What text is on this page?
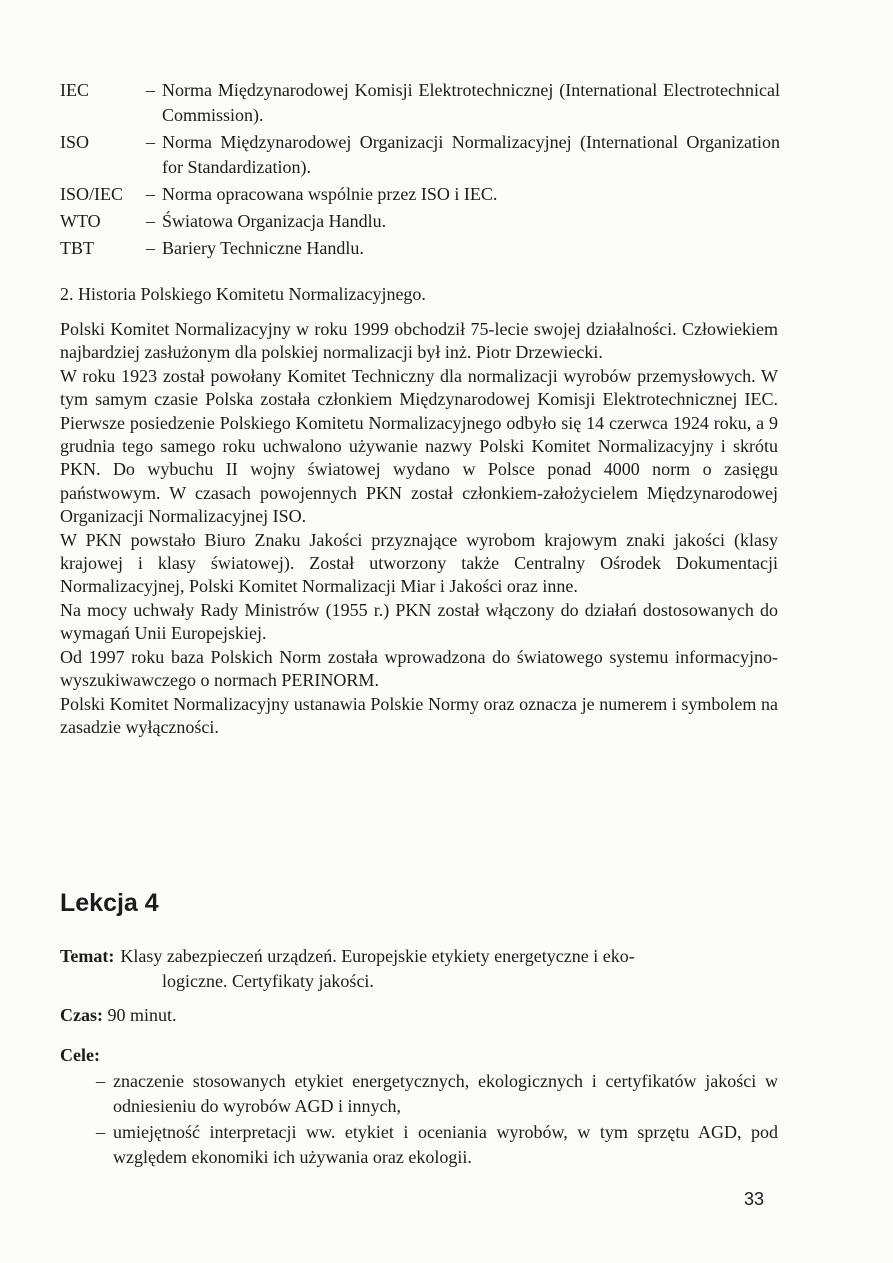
IEC	– Norma Międzynarodowej Komisji Elektrotechnicznej (International Electrotechnical Commission).
ISO	– Norma Międzynarodowej Organizacji Normalizacyjnej (International Organization for Standardization).
ISO/IEC	– Norma opracowana wspólnie przez ISO i IEC.
WTO	– Światowa Organizacja Handlu.
TBT	– Bariery Techniczne Handlu.
2. Historia Polskiego Komitetu Normalizacyjnego.

Polski Komitet Normalizacyjny w roku 1999 obchodził 75-lecie swojej działalności. Człowiekiem najbardziej zasłużonym dla polskiej normalizacji był inż. Piotr Drzewiecki.

W roku 1923 został powołany Komitet Techniczny dla normalizacji wyrobów przemysłowych. W tym samym czasie Polska została członkiem Międzynarodowej Komisji Elektrotechnicznej IEC. Pierwsze posiedzenie Polskiego Komitetu Normalizacyjnego odbyło się 14 czerwca 1924 roku, a 9 grudnia tego samego roku uchwalono używanie nazwy Polski Komitet Normalizacyjny i skrótu PKN. Do wybuchu II wojny światowej wydano w Polsce ponad 4000 norm o zasięgu państwowym. W czasach powojennych PKN został członkiem-założycielem Międzynarodowej Organizacji Normalizacyjnej ISO.

W PKN powstało Biuro Znaku Jakości przyznające wyrobom krajowym znaki jakości (klasy krajowej i klasy światowej). Został utworzony także Centralny Ośrodek Dokumentacji Normalizacyjnej, Polski Komitet Normalizacji Miar i Jakości oraz inne.

Na mocy uchwały Rady Ministrów (1955 r.) PKN został włączony do działań dostosowanych do wymagań Unii Europejskiej.

Od 1997 roku baza Polskich Norm została wprowadzona do światowego systemu informacyjno-wyszukiwawczego o normach PERINORM.

Polski Komitet Normalizacyjny ustanawia Polskie Normy oraz oznacza je numerem i symbolem na zasadzie wyłączności.

Lekcja 4
Temat: Klasy zabezpieczeń urządzeń. Europejskie etykiety energetyczne i eko-
logiczne. Certyfikaty jakości.
Czas: 90 minut.
Cele:
– znaczenie stosowanych etykiet energetycznych, ekologicznych i certyfikatów jakości w odniesieniu do wyrobów AGD i innych,
– umiejętność interpretacji ww. etykiet i oceniania wyrobów, w tym sprzętu AGD, pod względem ekonomiki ich używania oraz ekologii.
33
